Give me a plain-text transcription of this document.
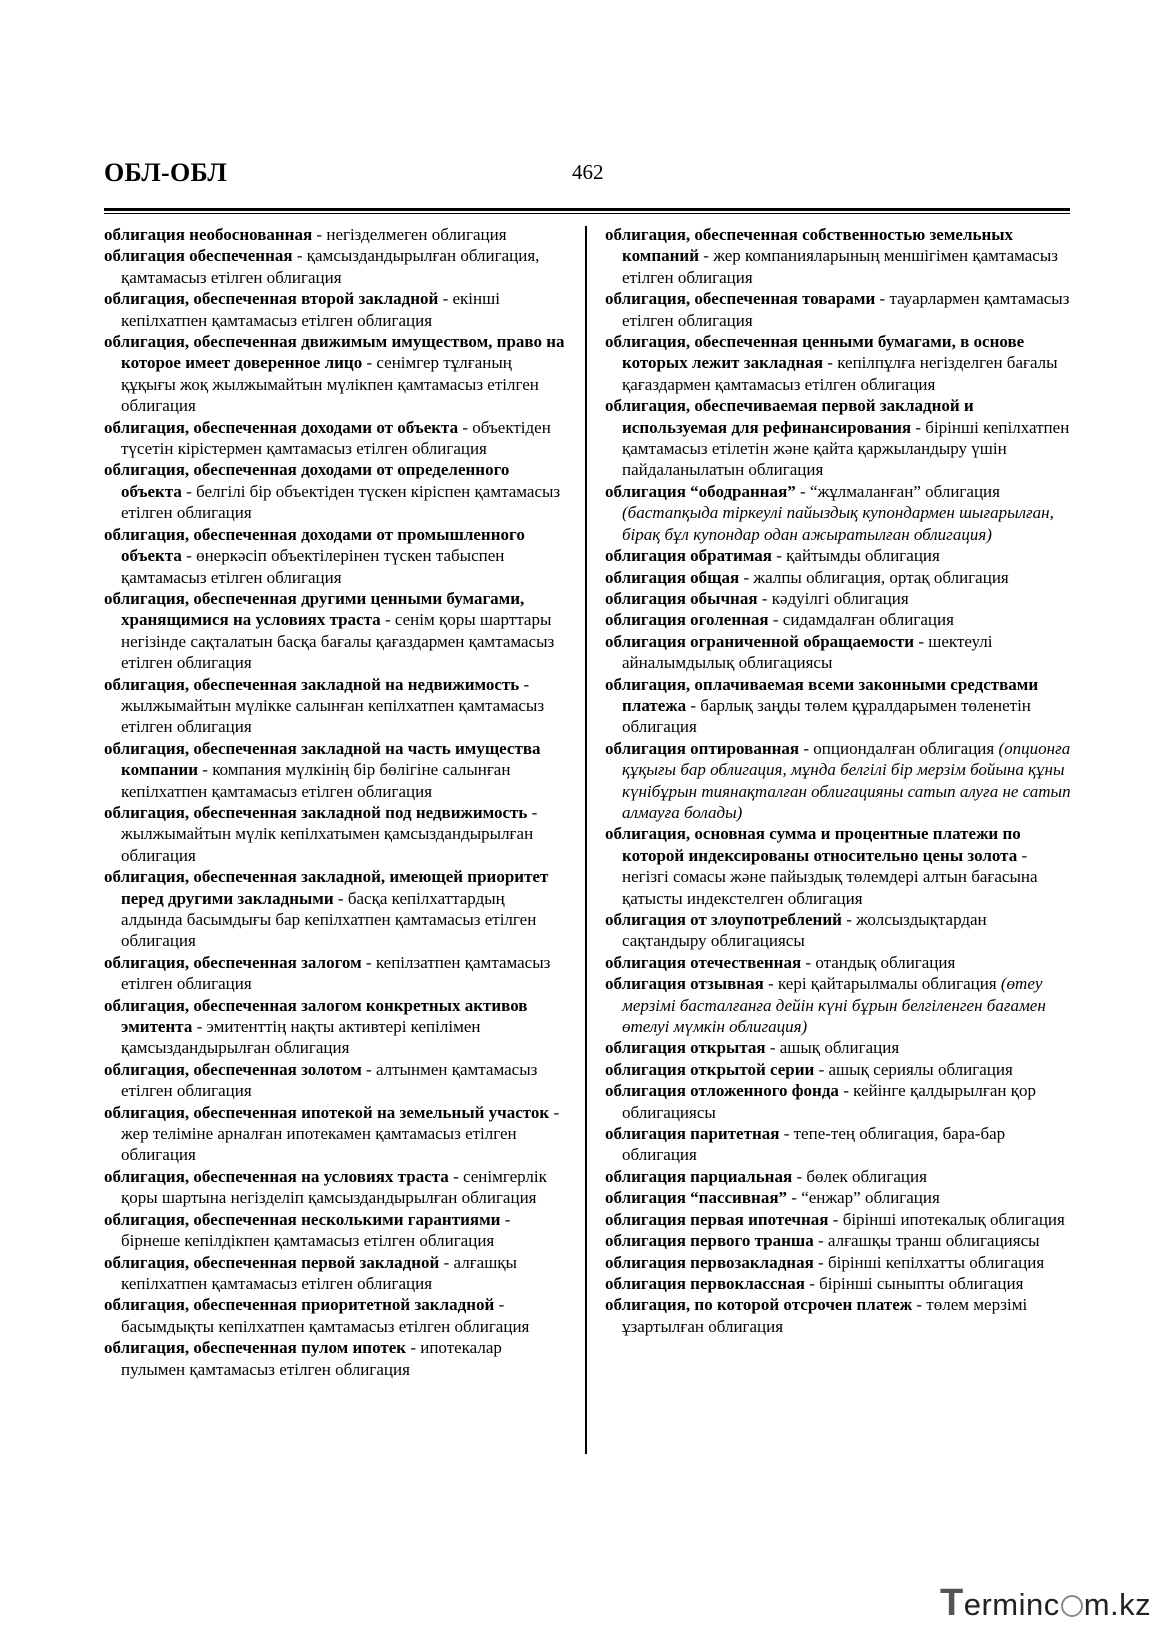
ОБЛ-ОБЛ	462

облигация необоснованная - негізделмеген облигация

облигация обеспеченная - қамсыздандырылған облигация, қамтамасыз етілген облигация

облигация, обеспеченная второй закладной - екінші кепілхатпен қамтамасыз етілген облигация

облигация, обеспеченная движимым имуществом, право на которое имеет доверенное лицо - сенімгер тұлғаның құқығы жоқ жылжымайтын мүлікпен қамтамасыз етілген облигация

облигация, обеспеченная доходами от объекта - объектіден түсетін кірістермен қамтамасыз етілген облигация

облигация, обеспеченная доходами от определенного объекта - белгілі бір объектіден түскен кіріспен қамтамасыз етілген облигация

облигация, обеспеченная доходами от промышленного объекта - өнеркәсіп объектілерінен түскен табыспен қамтамасыз етілген облигация

облигация, обеспеченная другими ценными бумагами, хранящимися на условиях траста - сенім қоры шарттары негізінде сақталатын басқа бағалы қағаздармен қамтамасыз етілген облигация

облигация, обеспеченная закладной на недвижимость - жылжымайтын мүлікке салынған кепілхатпен қамтамасыз етілген облигация

облигация, обеспеченная закладной на часть имущества компании - компания мүлкінің бір бөлігіне салынған кепілхатпен қамтамасыз етілген облигация

облигация, обеспеченная закладной под недвижимость - жылжымайтын мүлік кепілхатымен қамсыздандырылған облигация

облигация, обеспеченная закладной, имеющей приоритет перед другими закладными - басқа кепілхаттардың алдында басымдығы бар кепілхатпен қамтамасыз етілген облигация

облигация, обеспеченная залогом - кепілзатпен қамтамасыз етілген облигация

облигация, обеспеченная залогом конкретных активов эмитента - эмитенттің нақты активтері кепілімен қамсыздандырылған облигация

облигация, обеспеченная золотом - алтынмен қамтамасыз етілген облигация

облигация, обеспеченная ипотекой на земельный участок - жер теліміне арналған ипотекамен қамтамасыз етілген облигация

облигация, обеспеченная на условиях траста - сенімгерлік қоры шартына негізделіп қамсыздандырылған облигация

облигация, обеспеченная несколькими гарантиями - бірнеше кепілдікпен қамтамасыз етілген облигация

облигация, обеспеченная первой закладной - алғашқы кепілхатпен қамтамасыз етілген облигация

облигация, обеспеченная приоритетной закладной - басымдықты кепілхатпен қамтамасыз етілген облигация

облигация, обеспеченная пулом ипотек - ипотекалар пулымен қамтамасыз етілген облигация

облигация, обеспеченная собственностью земельных компаний - жер компанияларының меншігімен қамтамасыз етілген облигация

облигация, обеспеченная товарами - тауарлармен қамтамасыз етілген облигация

облигация, обеспеченная ценными бумагами, в основе которых лежит закладная - кепілпұлға негізделген бағалы қағаздармен қамтамасыз етілген облигация

облигация, обеспечиваемая первой закладной и используемая для рефинансирования - бірінші кепілхатпен қамтамасыз етілетін және қайта қаржыландыру үшін пайдаланылатын облигация

облигация “ободранная” - “жұлмаланған” облигация (бастапқыда тіркеулі пайыздық купондармен шығарылған, бірақ бұл купондар одан ажыратылған облигация)

облигация обратимая - қайтымды облигация

облигация общая - жалпы облигация, ортақ облигация

облигация обычная - кәдуілгі облигация

облигация оголенная - сидамдалған облигация

облигация ограниченной обращаемости - шектеулі айналымдылық облигациясы

облигация, оплачиваемая всеми законными средствами платежа - барлық заңды төлем құралдарымен төленетін облигация

облигация оптированная - опциондалған облигация (опционға құқығы бар облигация, мұнда белгілі бір мерзім бойына құны күнібұрын тиянақталған облигацияны сатып алуға не сатып алмауға болады)

облигация, основная сумма и процентные платежи по которой индексированы относительно цены золота - негізгі сомасы және пайыздық төлемдері алтын бағасына қатысты индекстелген облигация

облигация от злоупотреблений - жолсыздықтардан сақтандыру облигациясы

облигация отечественная - отандық облигация

облигация отзывная - кері қайтарылмалы облигация (өтеу мерзімі басталғанға дейін күні бұрын белгіленген бағамен өтелуі мүмкін облигация)

облигация открытая - ашық облигация

облигация открытой серии - ашық сериялы облигация

облигация отложенного фонда - кейінге қалдырылған қор облигациясы

облигация паритетная - тепе-тең облигация, бара-бар облигация

облигация парциальная - бөлек облигация

облигация “пассивная” - “енжар” облигация

облигация первая ипотечная - бірінші ипотекалық облигация

облигация первого транша - алғашқы транш облигациясы

облигация первозакладная - бірінші кепілхатты облигация

облигация первоклассная - бірінші сыныпты облигация

облигация, по которой отсрочен платеж - төлем мерзімі ұзартылған облигация

Terminc m.kz
